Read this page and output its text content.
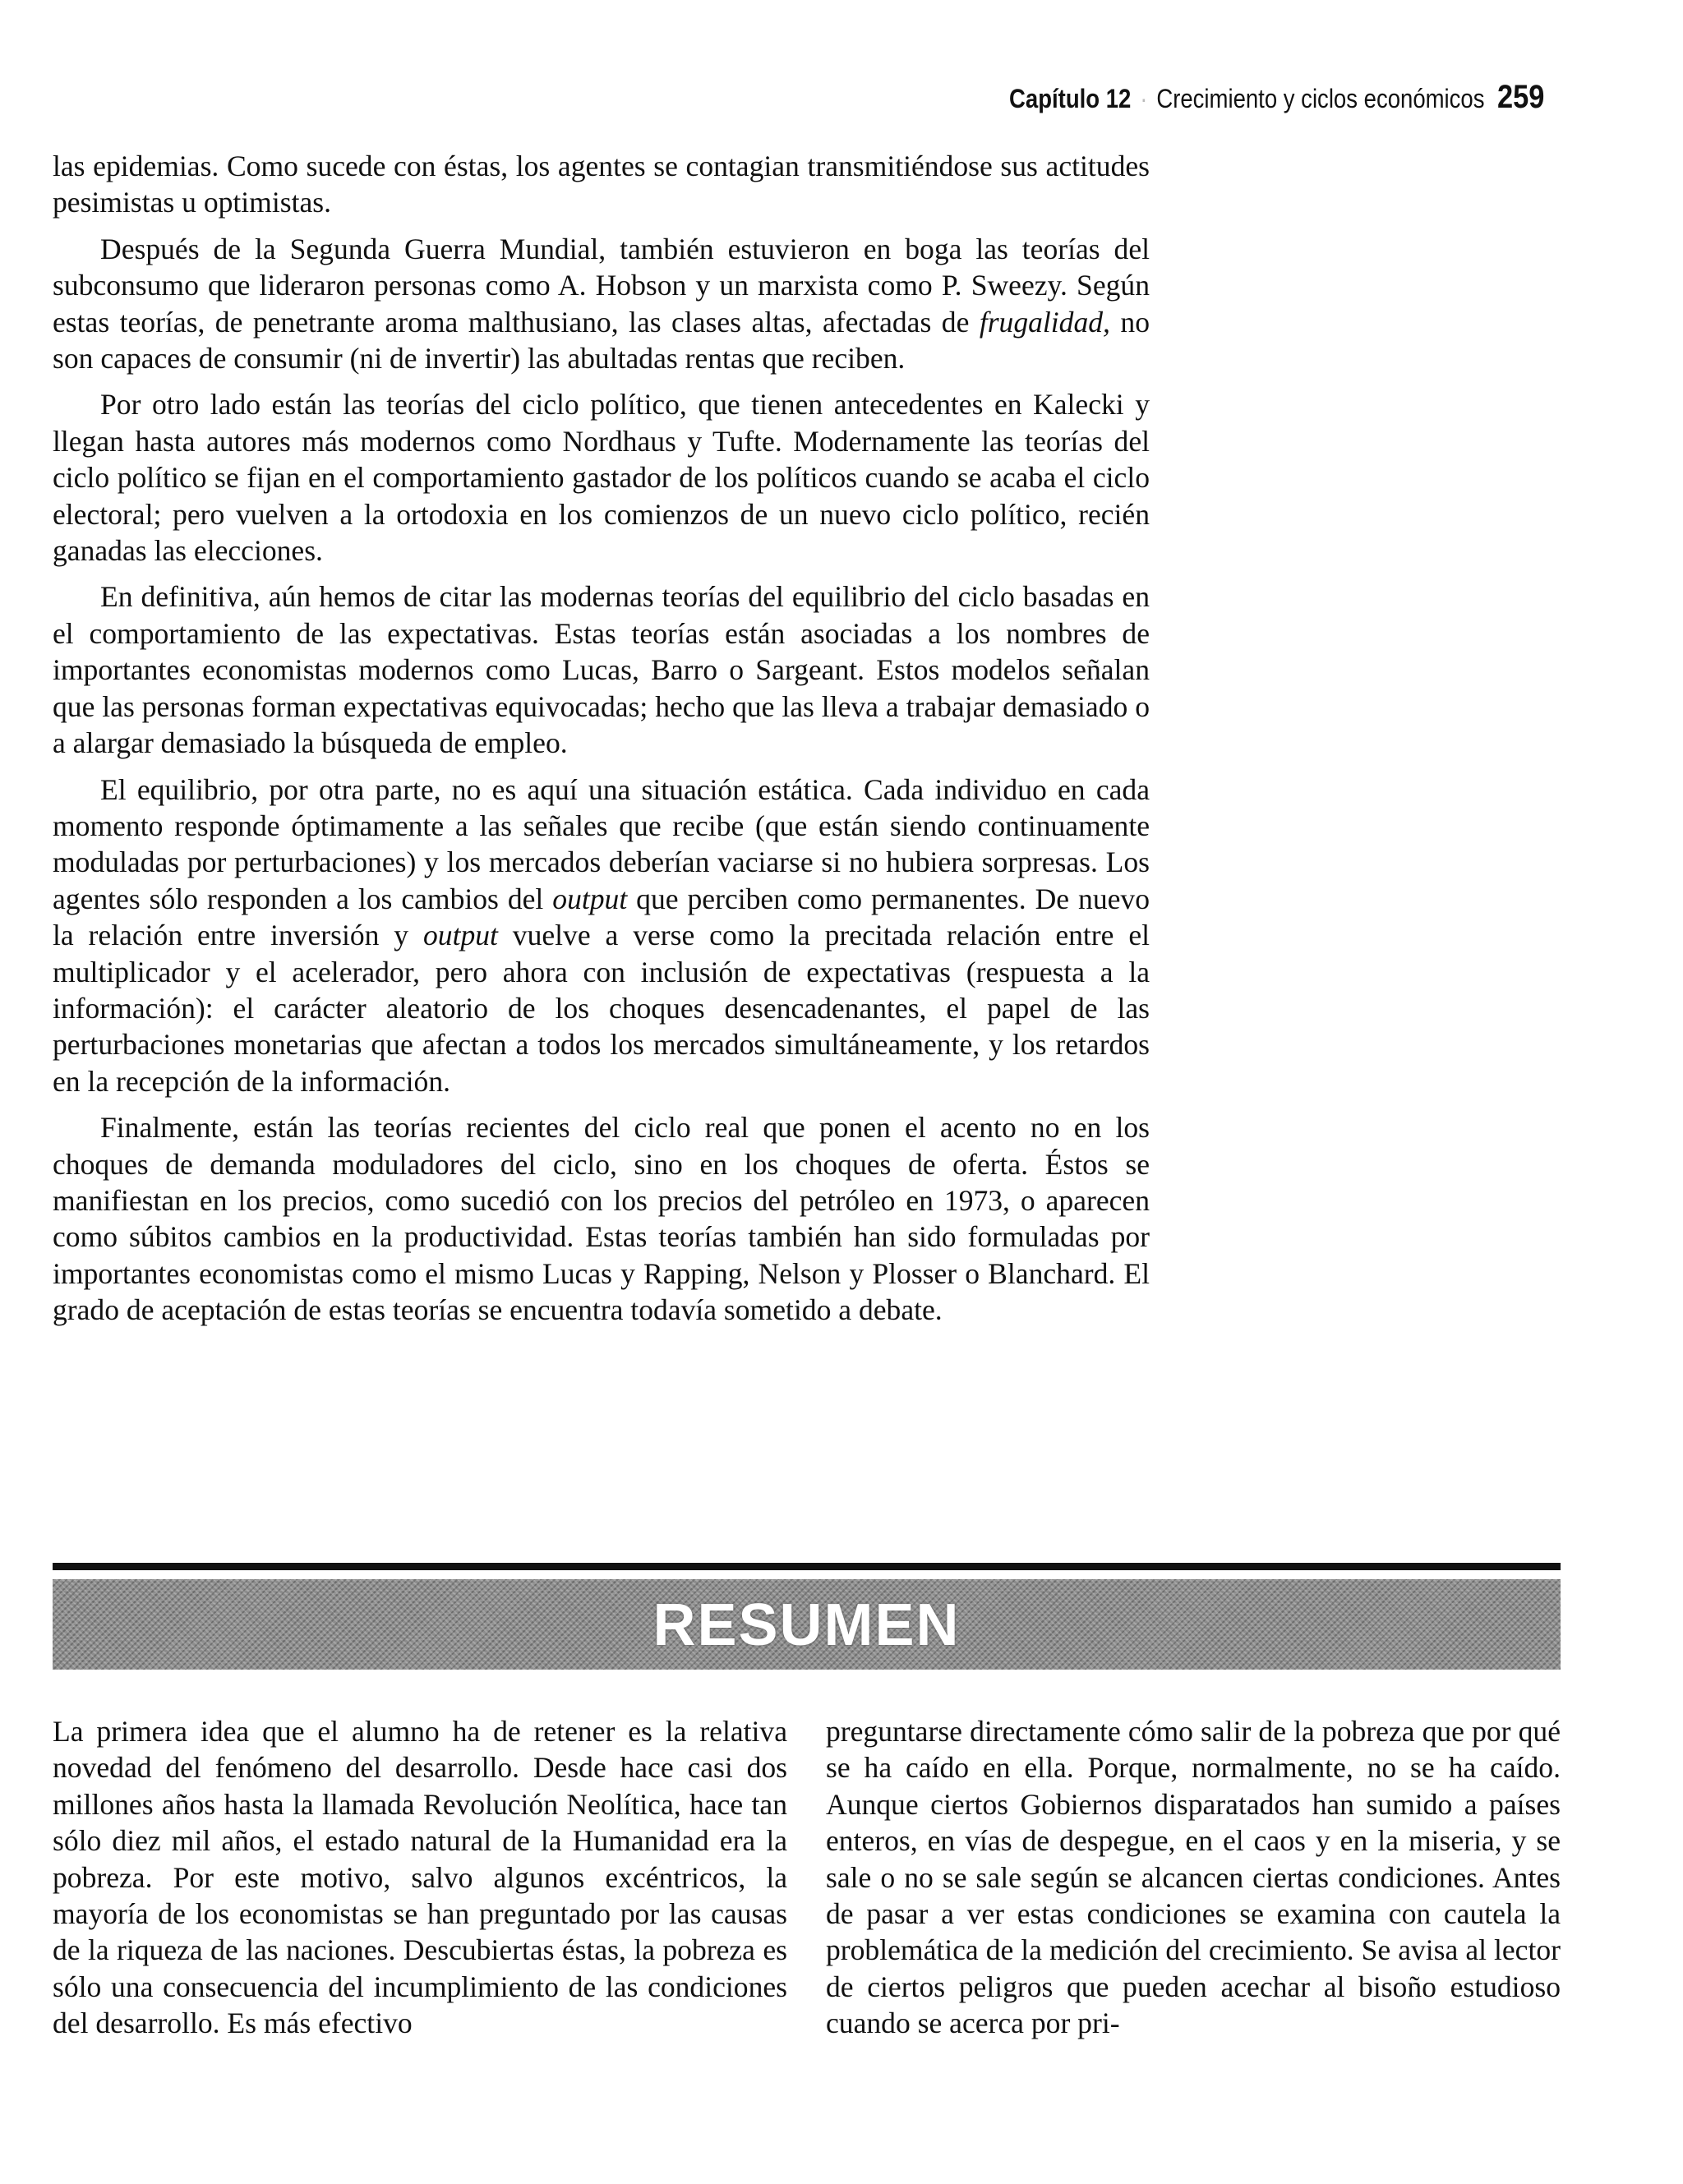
Capítulo 12 · Crecimiento y ciclos económicos 259

las epidemias. Como sucede con éstas, los agentes se contagian transmitiéndose sus actitudes pesimistas u optimistas.

Después de la Segunda Guerra Mundial, también estuvieron en boga las teorías del subconsumo que lideraron personas como A. Hobson y un marxista como P. Sweezy. Según estas teorías, de penetrante aroma malthusiano, las clases altas, afectadas de frugalidad, no son capaces de consumir (ni de invertir) las abultadas rentas que reciben.

Por otro lado están las teorías del ciclo político, que tienen antecedentes en Kalecki y llegan hasta autores más modernos como Nordhaus y Tufte. Modernamente las teorías del ciclo político se fijan en el comportamiento gastador de los políticos cuando se acaba el ciclo electoral; pero vuelven a la ortodoxia en los comienzos de un nuevo ciclo político, recién ganadas las elecciones.

En definitiva, aún hemos de citar las modernas teorías del equilibrio del ciclo basadas en el comportamiento de las expectativas. Estas teorías están asociadas a los nombres de importantes economistas modernos como Lucas, Barro o Sargeant. Estos modelos señalan que las personas forman expectativas equivocadas; hecho que las lleva a trabajar demasiado o a alargar demasiado la búsqueda de empleo.

El equilibrio, por otra parte, no es aquí una situación estática. Cada individuo en cada momento responde óptimamente a las señales que recibe (que están siendo continuamente moduladas por perturbaciones) y los mercados deberían vaciarse si no hubiera sorpresas. Los agentes sólo responden a los cambios del output que perciben como permanentes. De nuevo la relación entre inversión y output vuelve a verse como la precitada relación entre el multiplicador y el acelerador, pero ahora con inclusión de expectativas (respuesta a la información): el carácter aleatorio de los choques desencadenantes, el papel de las perturbaciones monetarias que afectan a todos los mercados simultáneamente, y los retardos en la recepción de la información.

Finalmente, están las teorías recientes del ciclo real que ponen el acento no en los choques de demanda moduladores del ciclo, sino en los choques de oferta. Éstos se manifiestan en los precios, como sucedió con los precios del petróleo en 1973, o aparecen como súbitos cambios en la productividad. Estas teorías también han sido formuladas por importantes economistas como el mismo Lucas y Rapping, Nelson y Plosser o Blanchard. El grado de aceptación de estas teorías se encuentra todavía sometido a debate.

RESUMEN

La primera idea que el alumno ha de retener es la relativa novedad del fenómeno del desarrollo. Desde hace casi dos millones años hasta la llamada Revolución Neolítica, hace tan sólo diez mil años, el estado natural de la Humanidad era la pobreza. Por este motivo, salvo algunos excéntricos, la mayoría de los economistas se han preguntado por las causas de la riqueza de las naciones. Descubiertas éstas, la pobreza es sólo una consecuencia del incumplimiento de las condiciones del desarrollo. Es más efectivo

preguntarse directamente cómo salir de la pobreza que por qué se ha caído en ella. Porque, normalmente, no se ha caído. Aunque ciertos Gobiernos disparatados han sumido a países enteros, en vías de despegue, en el caos y en la miseria, y se sale o no se sale según se alcancen ciertas condiciones. Antes de pasar a ver estas condiciones se examina con cautela la problemática de la medición del crecimiento. Se avisa al lector de ciertos peligros que pueden acechar al bisoño estudioso cuando se acerca por pri-
